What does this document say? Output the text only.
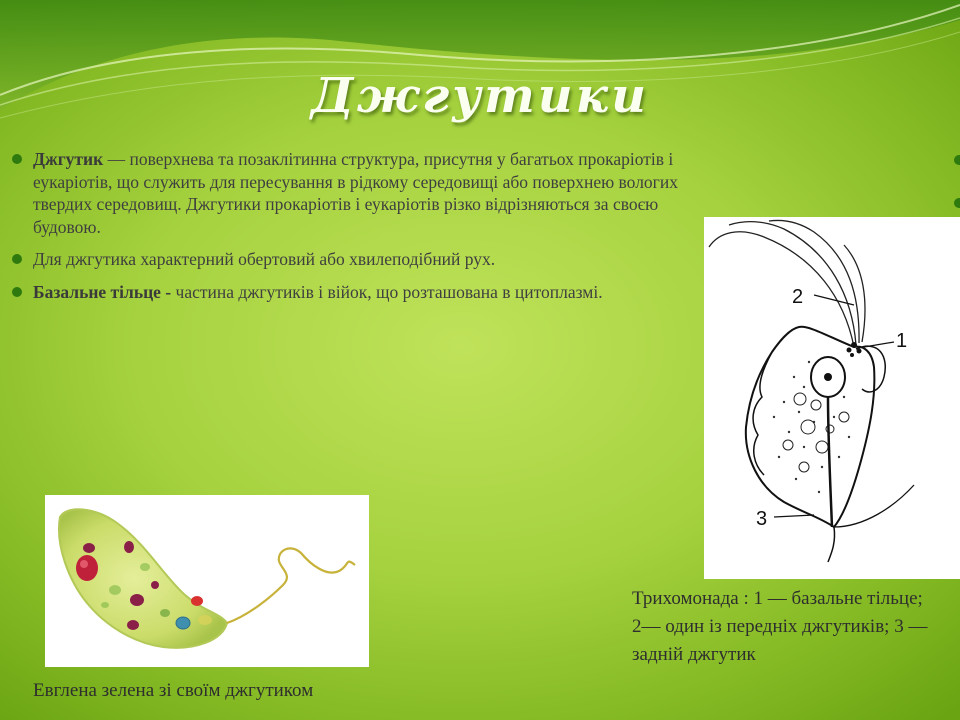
Джгутики
Джгутик — поверхнева та позаклітинна структура, присутня у багатьох прокаріотів і еукаріотів, що служить для пересування в рідкому середовищі або поверхнею вологих твердих середовищ. Джгутики прокаріотів і еукаріотів різко відрізняються за своєю будовою.
Для джгутика характерний обертовий або хвилеподібний рух.
Базальне тільце - частина джгутиків і війок, що розташована в цитоплазмі.	2
1
3
Евглена зелена зі своїм джгутиком
Трихомонада : 1 — базальне тільце; 2— один із передніх джгутиків; 3 — задній джгутик
